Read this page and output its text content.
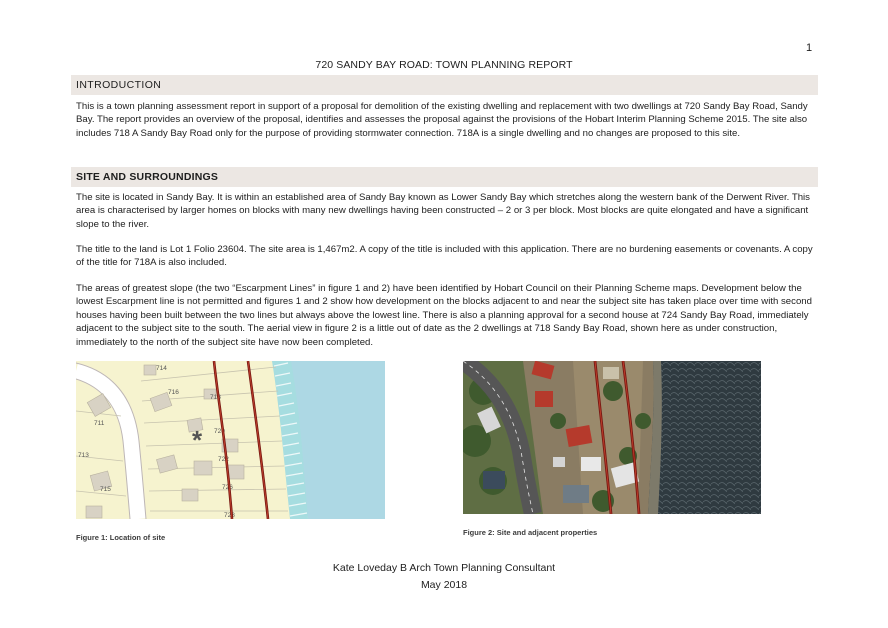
1
720 SANDY BAY ROAD: TOWN PLANNING REPORT
INTRODUCTION

This is a town planning assessment report in support of a proposal for demolition of the existing dwelling and replacement with two dwellings at 720 Sandy Bay Road, Sandy Bay. The report provides an overview of the proposal, identifies and assesses the proposal against the provisions of the Hobart Interim Planning Scheme 2015. The site also includes 718 A Sandy Bay Road only for the purpose of providing stormwater connection. 718A is a single dwelling and no changes are proposed to this site.

SITE AND SURROUNDINGS

The site is located in Sandy Bay. It is within an established area of Sandy Bay known as Lower Sandy Bay which stretches along the western bank of the Derwent River. This area is characterised by larger homes on blocks with many new dwellings having been constructed – 2 or 3 per block. Most blocks are quite elongated and have a significant slope to the river.

The title to the land is Lot 1 Folio 23604. The site area is 1,467m2. A copy of the title is included with this application. There are no burdening easements or covenants. A copy of the title for 718A is also included.

The areas of greatest slope (the two “Escarpment Lines” in figure 1 and 2) have been identified by Hobart Council on their Planning Scheme maps. Development below the lowest Escarpment line is not permitted and figures 1 and 2 show how development on the blocks adjacent to and near the subject site has taken place over time with second houses having been built between the two lines but always above the lowest line. There is also a planning approval for a second house at 724 Sandy Bay Road, immediately adjacent to the subject site to the south. The aerial view in figure 2 is a little out of date as the 2 dwellings at 718 Sandy Bay Road, shown here as under construction, immediately to the north of the subject site have now been completed.

714
716
718
711
713
715
720
722
726
728
*
Figure 1: Location of site
Figure 2: Site and adjacent properties
Kate Loveday B Arch Town Planning Consultant
May 2018
